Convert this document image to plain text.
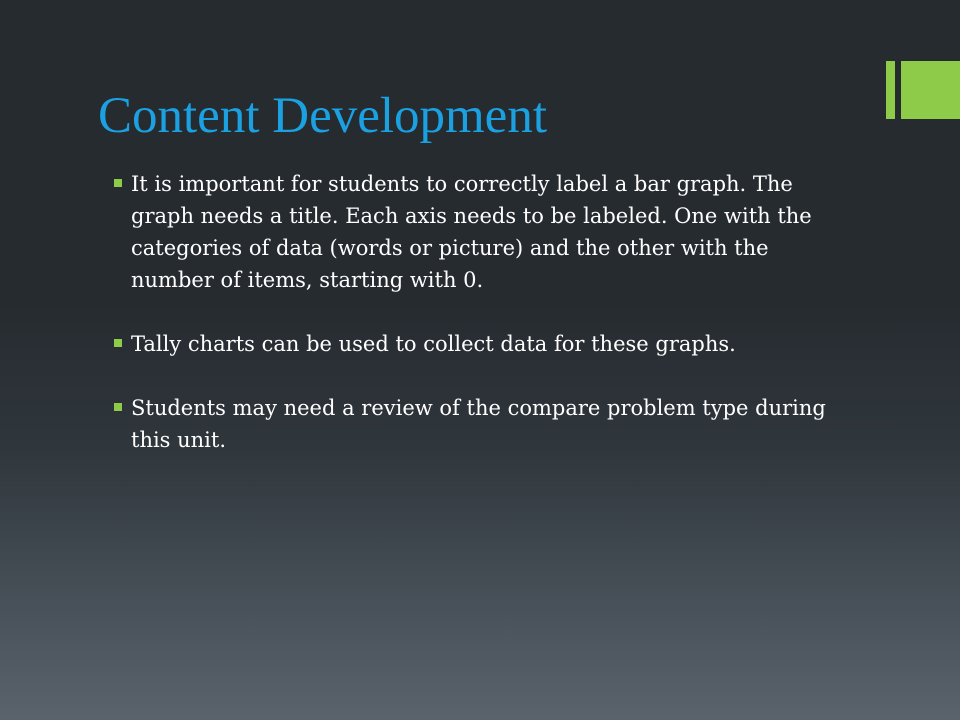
Content Development
It is important for students to correctly label a bar graph. The graph needs a title. Each axis needs to be labeled. One with the categories of data (words or picture) and the other with the number of items, starting with 0.
Tally charts can be used to collect data for these graphs.
Students may need a review of the compare problem type during this unit.
